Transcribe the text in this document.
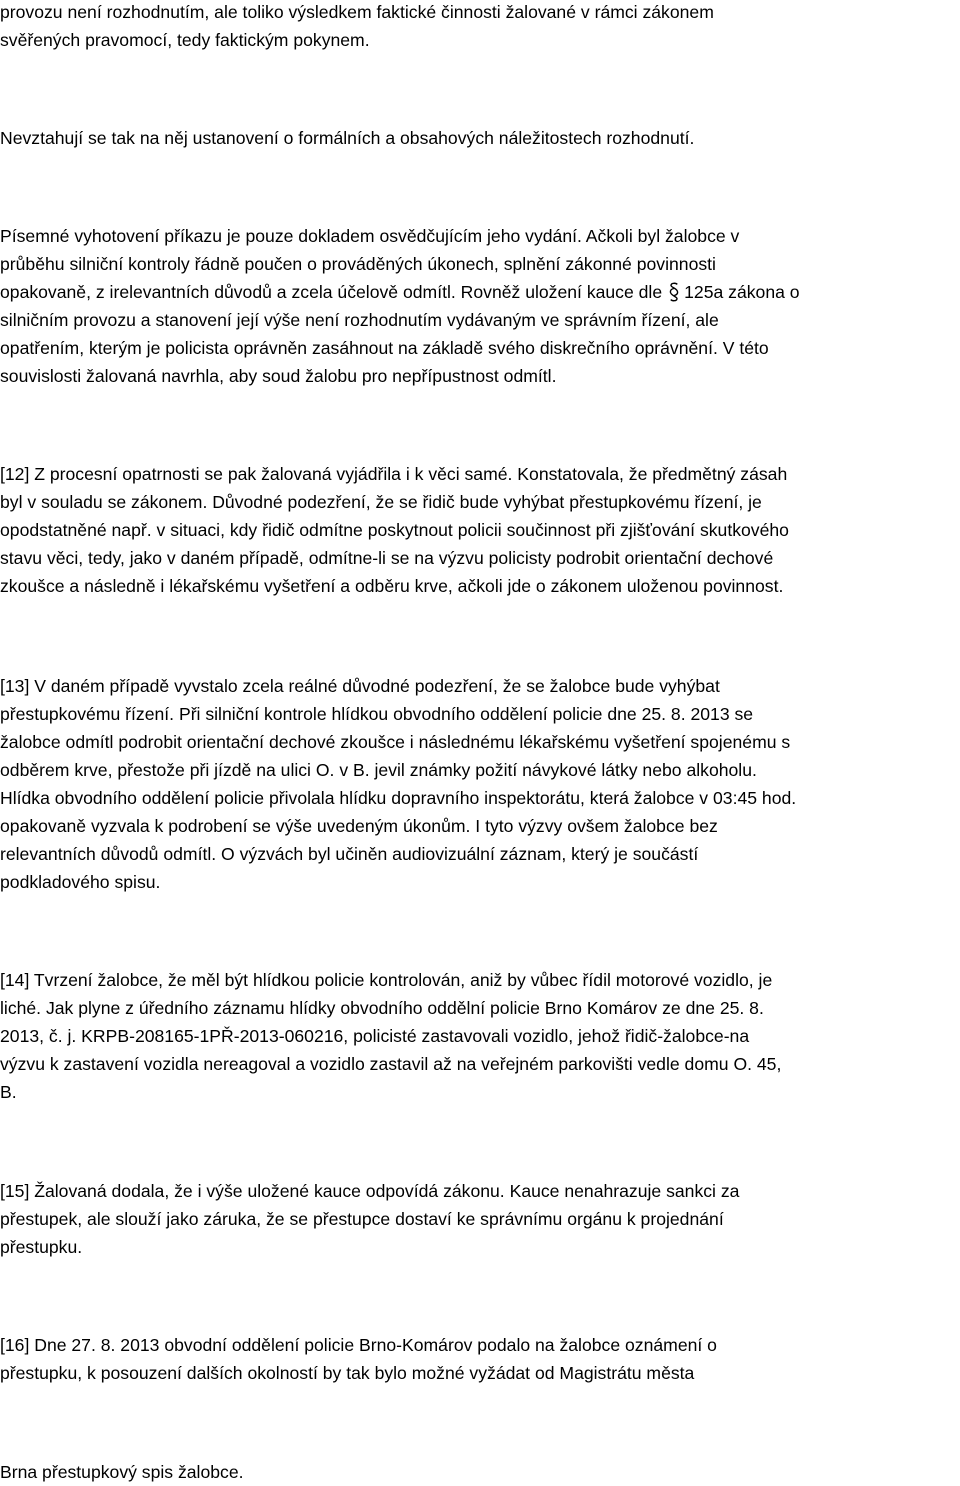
provozu není rozhodnutím, ale toliko výsledkem faktické činnosti žalované v rámci zákonem
svěřených pravomocí, tedy faktickým pokynem.
Nevztahují se tak na něj ustanovení o formálních a obsahových náležitostech rozhodnutí.
Písemné vyhotovení příkazu je pouze dokladem osvědčujícím jeho vydání. Ačkoli byl žalobce v
průběhu silniční kontroly řádně poučen o prováděných úkonech, splnění zákonné povinnosti
opakovaně, z irelevantních důvodů a zcela účelově odmítl. Rovněž uložení kauce dle 125a zákona o
silničním provozu a stanovení její výše není rozhodnutím vydávaným ve správním řízení, ale
opatřením, kterým je policista oprávněn zasáhnout na základě svého diskrečního oprávnění. V této
souvislosti žalovaná navrhla, aby soud žalobu pro nepřípustnost odmítl.
[12] Z procesní opatrnosti se pak žalovaná vyjádřila i k věci samé. Konstatovala, že předmětný zásah
byl v souladu se zákonem. Důvodné podezření, že se řidič bude vyhýbat přestupkovému řízení, je
opodstatněné např. v situaci, kdy řidič odmítne poskytnout policii součinnost při zjišťování skutkového
stavu věci, tedy, jako v daném případě, odmítne-li se na výzvu policisty podrobit orientační dechové
zkoušce a následně i lékařskému vyšetření a odběru krve, ačkoli jde o zákonem uloženou povinnost.
[13] V daném případě vyvstalo zcela reálné důvodné podezření, že se žalobce bude vyhýbat
přestupkovému řízení. Při silniční kontrole hlídkou obvodního oddělení policie dne 25. 8. 2013 se
žalobce odmítl podrobit orientační dechové zkoušce i následnému lékařskému vyšetření spojenému s
odběrem krve, přestože při jízdě na ulici O. v B. jevil známky požití návykové látky nebo alkoholu.
Hlídka obvodního oddělení policie přivolala hlídku dopravního inspektorátu, která žalobce v 03:45 hod.
opakovaně vyzvala k podrobení se výše uvedeným úkonům. I tyto výzvy ovšem žalobce bez
relevantních důvodů odmítl. O výzvách byl učiněn audiovizuální záznam, který je součástí
podkladového spisu.
[14] Tvrzení žalobce, že měl být hlídkou policie kontrolován, aniž by vůbec řídil motorové vozidlo, je
liché. Jak plyne z úředního záznamu hlídky obvodního oddělní policie Brno Komárov ze dne 25. 8.
2013, č. j. KRPB-208165-1PŘ-2013-060216, policisté zastavovali vozidlo, jehož řidič-žalobce-na
výzvu k zastavení vozidla nereagoval a vozidlo zastavil až na veřejném parkovišti vedle domu O. 45,
B.
[15] Žalovaná dodala, že i výše uložené kauce odpovídá zákonu. Kauce nenahrazuje sankci za
přestupek, ale slouží jako záruka, že se přestupce dostaví ke správnímu orgánu k projednání
přestupku.
[16] Dne 27. 8. 2013 obvodní oddělení policie Brno-Komárov podalo na žalobce oznámení o
přestupku, k posouzení dalších okolností by tak bylo možné vyžádat od Magistrátu města
Brna přestupkový spis žalobce.
